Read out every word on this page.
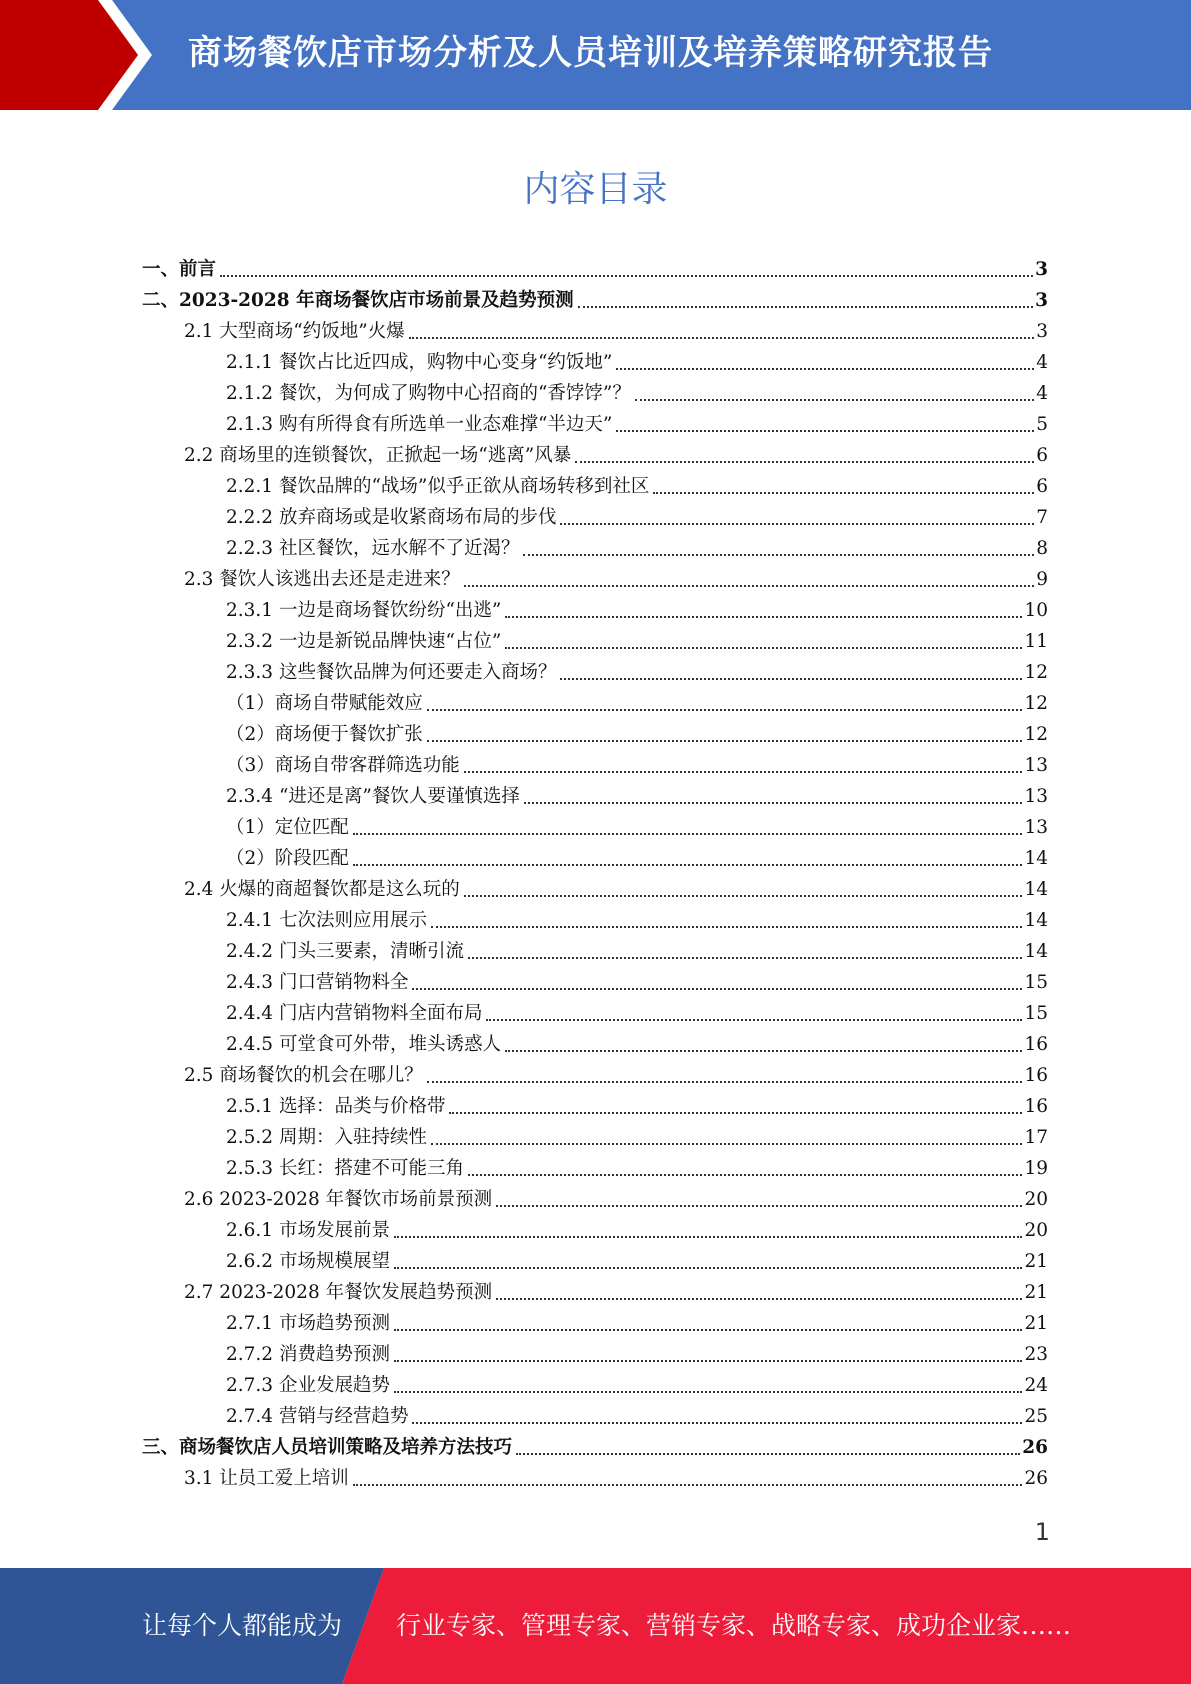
商场餐饮店市场分析及人员培训及培养策略研究报告
内容目录
一、前言	3
二、2023-2028 年商场餐饮店市场前景及趋势预测	3
2.1 大型商场“约饭地”火爆	3
2.1.1 餐饮占比近四成，购物中心变身“约饭地”	4
2.1.2 餐饮，为何成了购物中心招商的“香饽饽”？	4
2.1.3 购有所得食有所选单一业态难撑“半边天”	5
2.2 商场里的连锁餐饮，正掀起一场“逃离”风暴	6
2.2.1 餐饮品牌的“战场”似乎正欲从商场转移到社区	6
2.2.2 放弃商场或是收紧商场布局的步伐	7
2.2.3 社区餐饮，远水解不了近渴？	8
2.3 餐饮人该逃出去还是走进来？	9
2.3.1 一边是商场餐饮纷纷“出逃”	10
2.3.2 一边是新锐品牌快速“占位”	11
2.3.3 这些餐饮品牌为何还要走入商场？	12
（1）商场自带赋能效应	12
（2）商场便于餐饮扩张	12
（3）商场自带客群筛选功能	13
2.3.4 “进还是离”餐饮人要谨慎选择	13
（1）定位匹配	13
（2）阶段匹配	14
2.4 火爆的商超餐饮都是这么玩的	14
2.4.1 七次法则应用展示	14
2.4.2 门头三要素，清晰引流	14
2.4.3 门口营销物料全	15
2.4.4 门店内营销物料全面布局	15
2.4.5 可堂食可外带，堆头诱惑人	16
2.5 商场餐饮的机会在哪儿？	16
2.5.1 选择：品类与价格带	16
2.5.2 周期：入驻持续性	17
2.5.3 长红：搭建不可能三角	19
2.6 2023-2028 年餐饮市场前景预测	20
2.6.1 市场发展前景	20
2.6.2 市场规模展望	21
2.7 2023-2028 年餐饮发展趋势预测	21
2.7.1 市场趋势预测	21
2.7.2 消费趋势预测	23
2.7.3 企业发展趋势	24
2.7.4 营销与经营趋势	25
三、商场餐饮店人员培训策略及培养方法技巧	26
3.1 让员工爱上培训	26
1
让每个人都能成为 行业专家、管理专家、营销专家、战略专家、成功企业家……
